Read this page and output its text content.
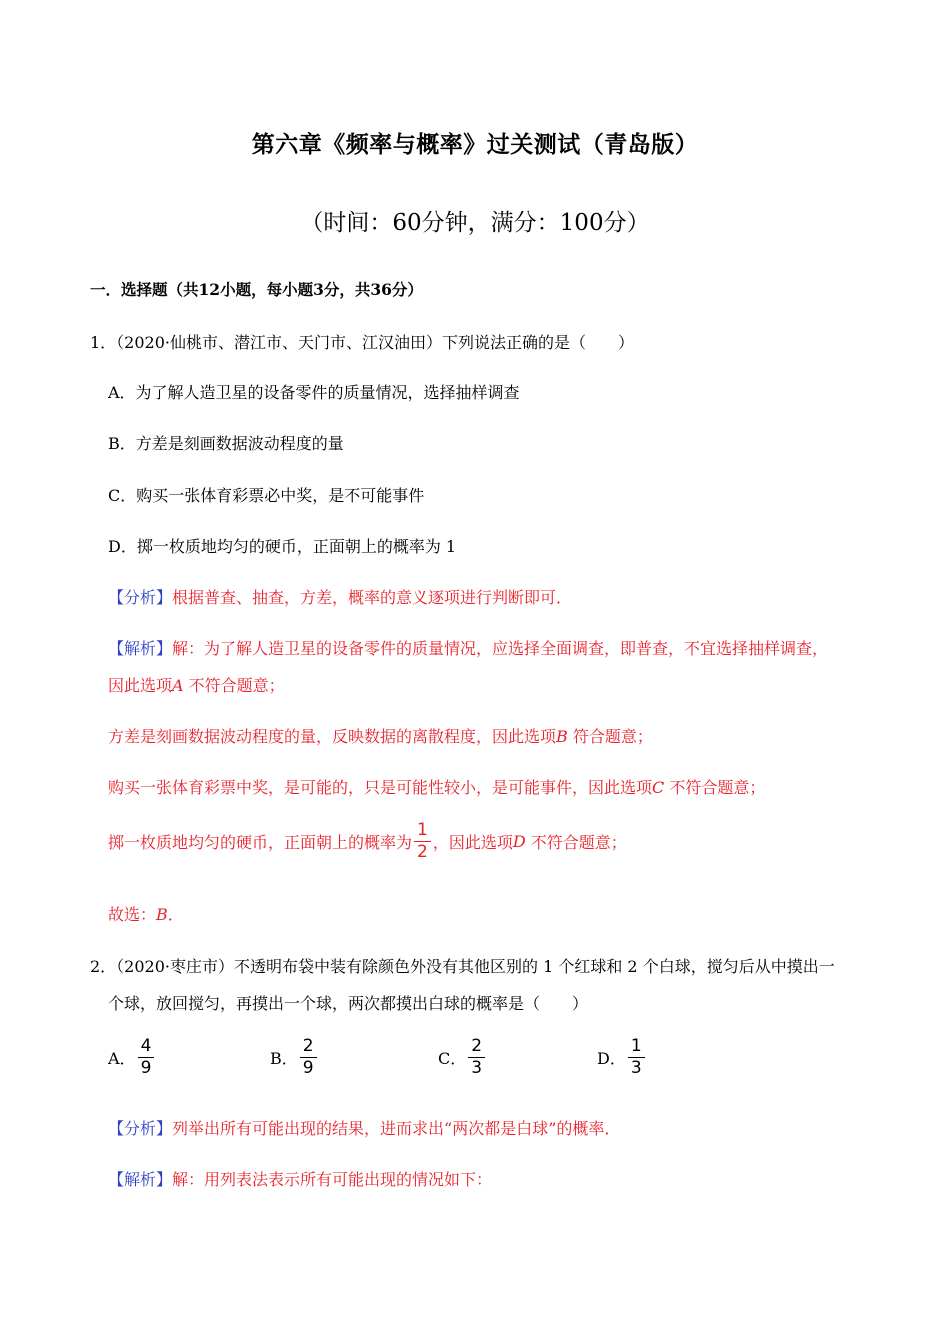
第六章《频率与概率》过关测试（青岛版）
（时间：60分钟，满分：100分）
一．选择题（共12小题，每小题3分，共36分）
1．（2020·仙桃市、潜江市、天门市、江汉油田）下列说法正确的是（　　）
A．为了解人造卫星的设备零件的质量情况，选择抽样调查
B．方差是刻画数据波动程度的量
C．购买一张体育彩票必中奖，是不可能事件
D．掷一枚质地均匀的硬币，正面朝上的概率为 1
【分析】根据普查、抽查，方差，概率的意义逐项进行判断即可．
【解析】解：为了解人造卫星的设备零件的质量情况，应选择全面调查，即普查，不宜选择抽样调查，
因此选项A 不符合题意；
方差是刻画数据波动程度的量，反映数据的离散程度，因此选项B 符合题意；
购买一张体育彩票中奖，是可能的，只是可能性较小，是可能事件，因此选项C 不符合题意；
掷一枚质地均匀的硬币，正面朝上的概率为 $\frac{1}{2}$ ，因此选项 D
不符合题意；
故选：B．
2．（2020·枣庄市）不透明布袋中装有除颜色外没有其他区别的 1 个红球和 2 个白球，搅匀后从中摸出一
个球，放回搅匀，再摸出一个球，两次都摸出白球的概率是（　　）
A． $\frac{4}{9}$	B． $\frac{2}{9}$	C． $\frac{2}{3}$	D． $\frac{1}{3}$
【分析】列举出所有可能出现的结果，进而求出“两次都是白球”的概率．
【解析】解：用列表法表示所有可能出现的情况如下：
